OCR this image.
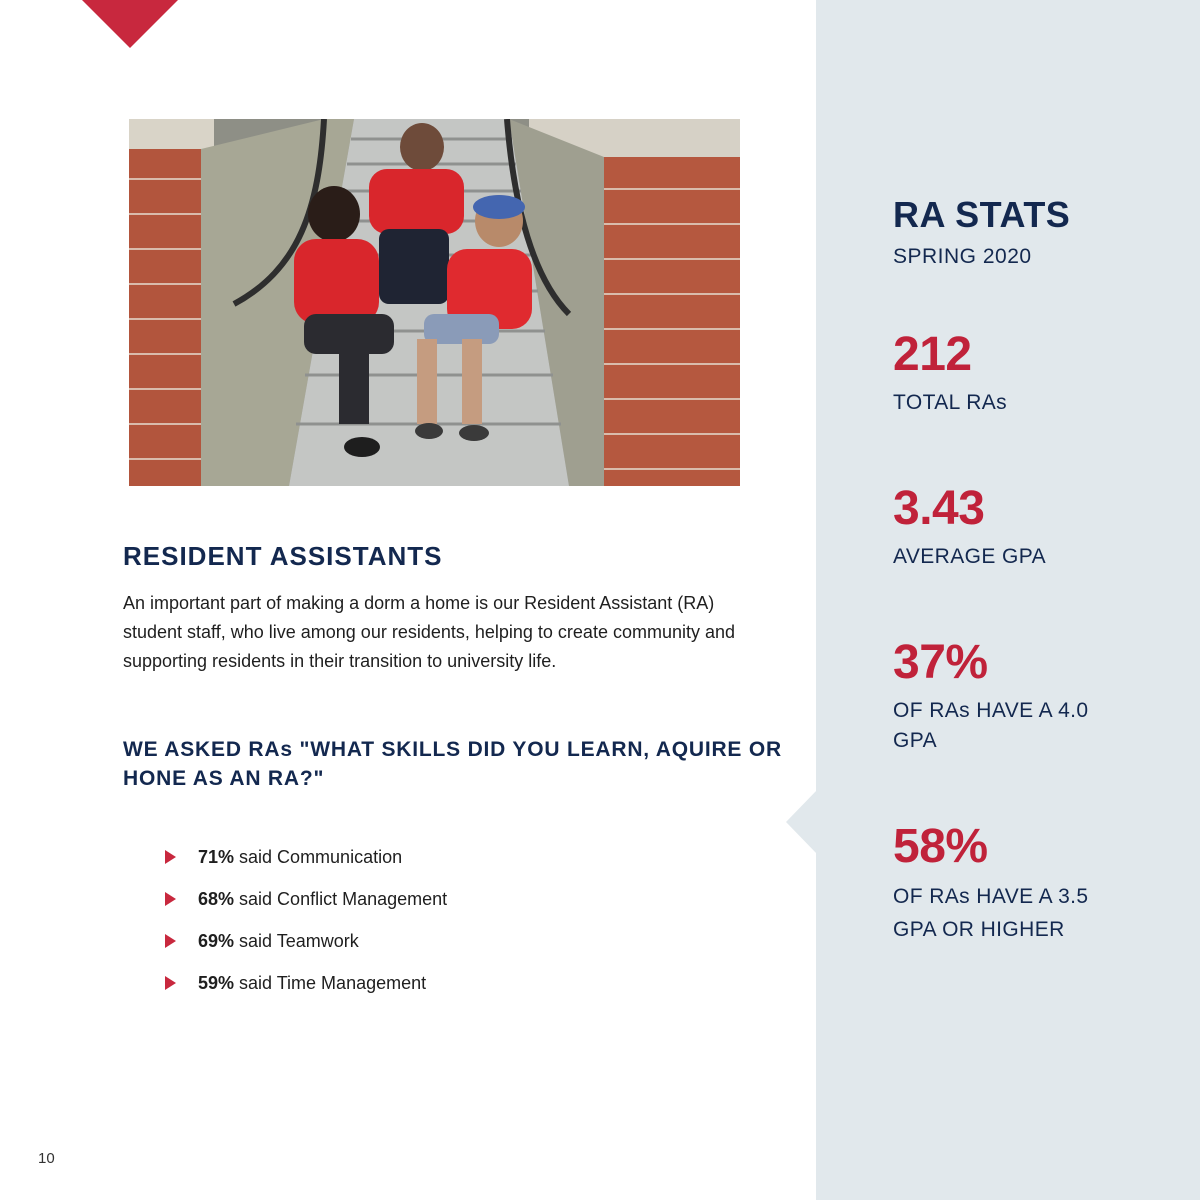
RESIDENT ASSISTANTS

An important part of making a dorm a home is our Resident Assistant (RA) student staff, who live among our residents, helping to create community and supporting residents in their transition to university life.

WE ASKED RAs "WHAT SKILLS DID YOU LEARN, AQUIRE OR HONE AS AN RA?"
71% said Communication
68% said Conflict Management
69% said Teamwork
59% said Time Management
10
RA STATS
SPRING 2020
212
TOTAL RAs
3.43
AVERAGE GPA
37%
OF RAs HAVE A 4.0 GPA
58%
OF RAs HAVE A 3.5 GPA OR HIGHER
